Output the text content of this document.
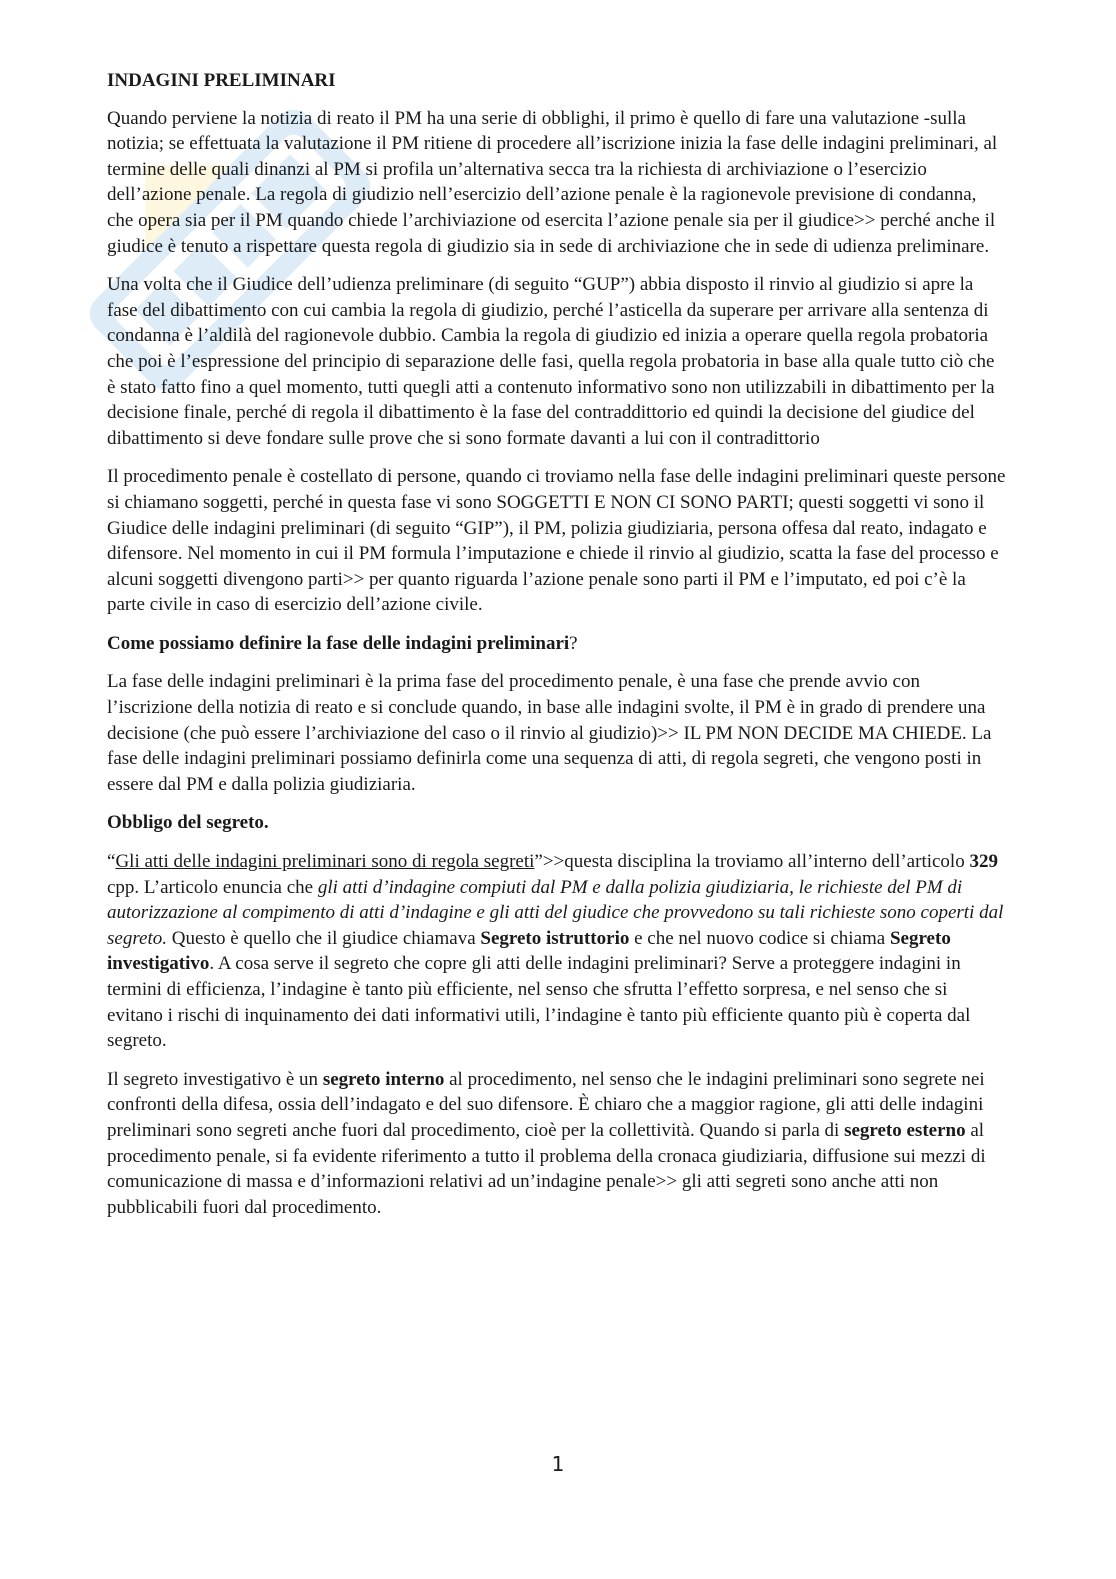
INDAGINI PRELIMINARI

Quando perviene la notizia di reato il PM ha una serie di obblighi, il primo è quello di fare una valutazione -sulla notizia; se effettuata la valutazione il PM ritiene di procedere all’iscrizione inizia la fase delle indagini preliminari, al termine delle quali dinanzi al PM si profila un’alternativa secca tra la richiesta di archiviazione o l’esercizio dell’azione penale. La regola di giudizio nell’esercizio dell’azione penale è la ragionevole previsione di condanna, che opera sia per il PM quando chiede l’archiviazione od esercita l’azione penale sia per il giudice>> perché anche il giudice è tenuto a rispettare questa regola di giudizio sia in sede di archiviazione che in sede di udienza preliminare.

Una volta che il Giudice dell’udienza preliminare (di seguito “GUP”) abbia disposto il rinvio al giudizio si apre la fase del dibattimento con cui cambia la regola di giudizio, perché l’asticella da superare per arrivare alla sentenza di condanna è l’aldilà del ragionevole dubbio. Cambia la regola di giudizio ed inizia a operare quella regola probatoria che poi è l’espressione del principio di separazione delle fasi, quella regola probatoria in base alla quale tutto ciò che è stato fatto fino a quel momento, tutti quegli atti a contenuto informativo sono non utilizzabili in dibattimento per la decisione finale, perché di regola il dibattimento è la fase del contraddittorio ed quindi la decisione del giudice del dibattimento si deve fondare sulle prove che si sono formate davanti a lui con il contradittorio

Il procedimento penale è costellato di persone, quando ci troviamo nella fase delle indagini preliminari queste persone si chiamano soggetti, perché in questa fase vi sono SOGGETTI E NON CI SONO PARTI; questi soggetti vi sono il Giudice delle indagini preliminari (di seguito “GIP”), il PM, polizia giudiziaria, persona offesa dal reato, indagato e difensore. Nel momento in cui il PM formula l’imputazione e chiede il rinvio al giudizio, scatta la fase del processo e alcuni soggetti divengono parti>> per quanto riguarda l’azione penale sono parti il PM e l’imputato, ed poi c’è la parte civile in caso di esercizio dell’azione civile.

Come possiamo definire la fase delle indagini preliminari?

La fase delle indagini preliminari è la prima fase del procedimento penale, è una fase che prende avvio con l’iscrizione della notizia di reato e si conclude quando, in base alle indagini svolte, il PM è in grado di prendere una decisione (che può essere l’archiviazione del caso o il rinvio al giudizio)>> IL PM NON DECIDE MA CHIEDE. La fase delle indagini preliminari possiamo definirla come una sequenza di atti, di regola segreti, che vengono posti in essere dal PM e dalla polizia giudiziaria.

Obbligo del segreto.

“Gli atti delle indagini preliminari sono di regola segreti”>>questa disciplina la troviamo all’interno dell’articolo 329 cpp. L’articolo enuncia che gli atti d’indagine compiuti dal PM e dalla polizia giudiziaria, le richieste del PM di autorizzazione al compimento di atti d’indagine e gli atti del giudice che provvedono su tali richieste sono coperti dal segreto. Questo è quello che il giudice chiamava Segreto istruttorio e che nel nuovo codice si chiama Segreto investigativo. A cosa serve il segreto che copre gli atti delle indagini preliminari? Serve a proteggere indagini in termini di efficienza, l’indagine è tanto più efficiente, nel senso che sfrutta l’effetto sorpresa, e nel senso che si evitano i rischi di inquinamento dei dati informativi utili, l’indagine è tanto più efficiente quanto più è coperta dal segreto.

Il segreto investigativo è un segreto interno al procedimento, nel senso che le indagini preliminari sono segrete nei confronti della difesa, ossia dell’indagato e del suo difensore. È chiaro che a maggior ragione, gli atti delle indagini preliminari sono segreti anche fuori dal procedimento, cioè per la collettività. Quando si parla di segreto esterno al procedimento penale, si fa evidente riferimento a tutto il problema della cronaca giudiziaria, diffusione sui mezzi di comunicazione di massa e d’informazioni relativi ad un’indagine penale>> gli atti segreti sono anche atti non pubblicabili fuori dal procedimento.

1
